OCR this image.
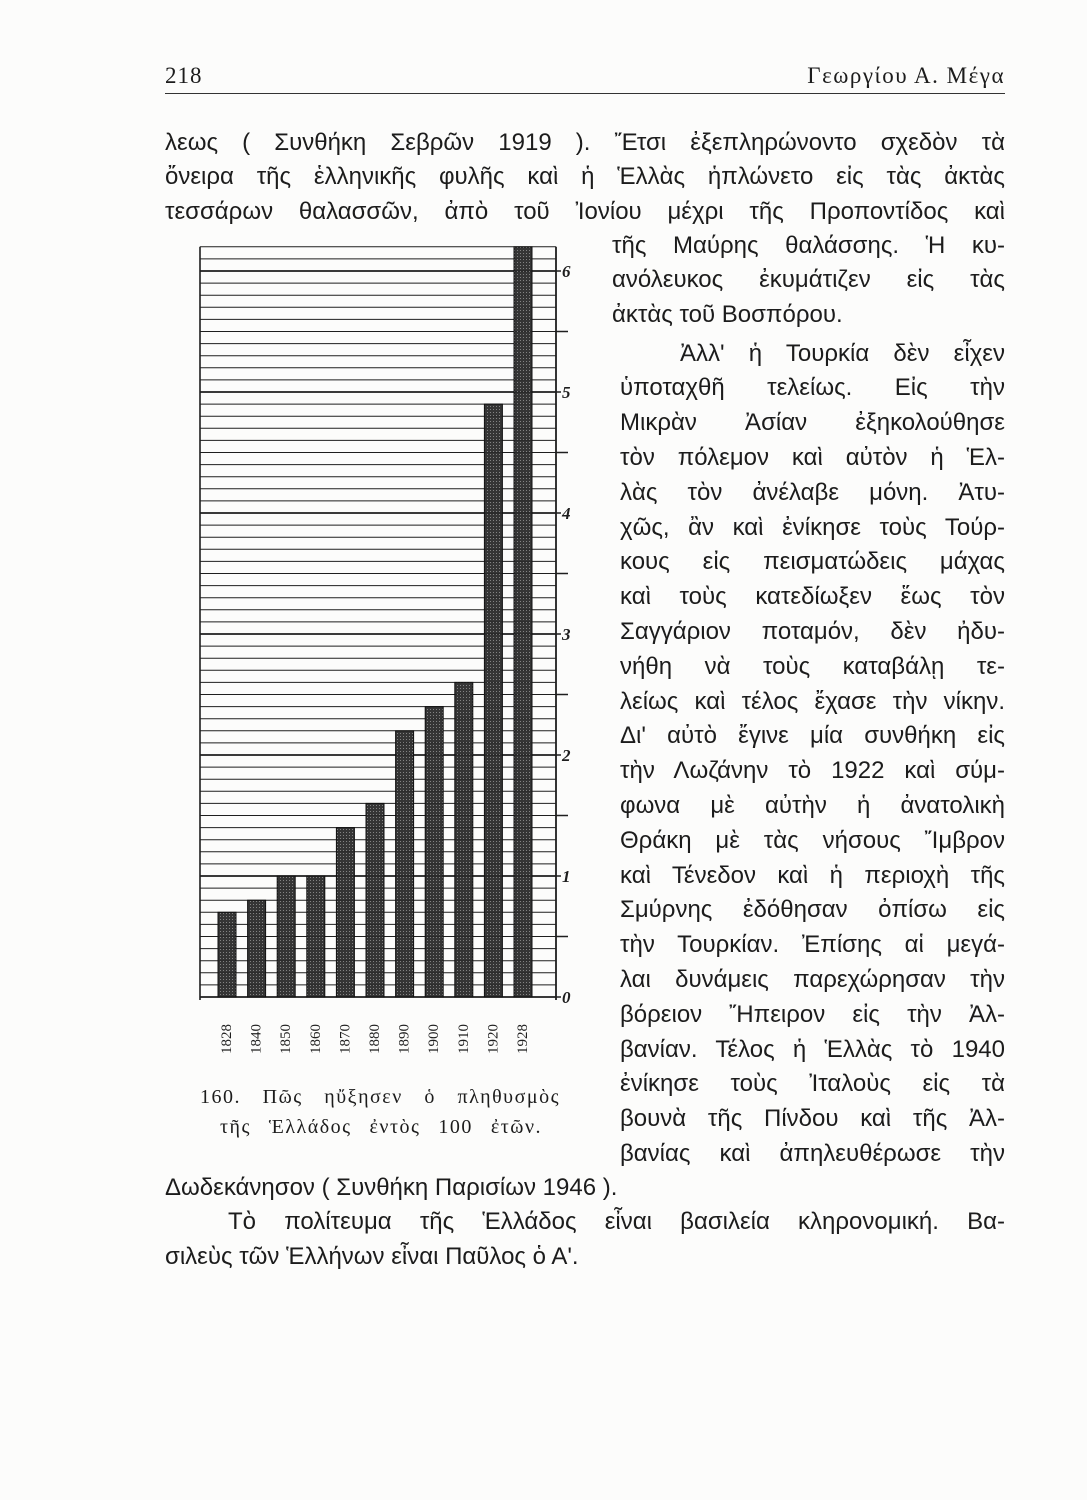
218	Γεωργίου Α. Μέγα
λεως ( Συνθήκη Σεβρῶν 1919 ). Ἔτσι ἐξεπληρώνοντο σχεδὸν τὰ
ὄνειρα τῆς ἑλληνικῆς φυλῆς καὶ ἡ Ἑλλὰς ἡπλώνετο εἰς τὰς ἀκτὰς
τεσσάρων θαλασσῶν, ἀπὸ τοῦ Ἰονίου μέχρι τῆς Προποντίδος καὶ
τῆς Μαύρης θαλάσσης. Ἡ κυ-
ανόλευκος ἐκυμάτιζεν εἰς τὰς
ἀκτὰς τοῦ Βοσπόρου.
Ἀλλ' ἡ Τουρκία δὲν εἶχεν
ὑποταχθῆ τελείως. Εἰς τὴν
Μικρὰν Ἀσίαν ἐξηκολούθησε
τὸν πόλεμον καὶ αὐτὸν ἡ Ἑλ-
λὰς τὸν ἀνέλαβε μόνη. Ἀτυ-
χῶς, ἂν καὶ ἐνίκησε τοὺς Τούρ-
κους εἰς πεισματώδεις μάχας
καὶ τοὺς κατεδίωξεν ἕως τὸν
Σαγγάριον ποταμόν, δὲν ἠδυ-
νήθη νὰ τοὺς καταβάλῃ τε-
λείως καὶ τέλος ἔχασε τὴν νίκην.
Δι' αὐτὸ ἔγινε μία συνθήκη εἰς
τὴν Λωζάνην τὸ 1922 καὶ σύμ-
φωνα μὲ αὐτὴν ἡ ἀνατολικὴ
Θράκη μὲ τὰς νήσους Ἴμβρον
καὶ Τένεδον καὶ ἡ περιοχὴ τῆς
Σμύρνης ἐδόθησαν ὀπίσω εἰς
τὴν Τουρκίαν. Ἐπίσης αἱ μεγά-
λαι δυνάμεις παρεχώρησαν τὴν
βόρειον Ἤπειρον εἰς τὴν Ἀλ-
βανίαν. Τέλος ἡ Ἑλλὰς τὸ 1940
ἐνίκησε τοὺς Ἰταλοὺς εἰς τὰ
βουνὰ τῆς Πίνδου καὶ τῆς Ἀλ-
βανίας καὶ ἀπηλευθέρωσε τὴν
Δωδεκάνησον ( Συνθήκη Παρισίων 1946 ).
Τὸ πολίτευμα τῆς Ἑλλάδος εἶναι βασιλεία κληρονομική. Βα-
σιλεὺς τῶν Ἑλλήνων εἶναι Παῦλος ὁ Α'.
0
1
2
3
4
5
6
1828 1840 1850 1860 1870 1880 1890 1900 1910 1920 1928
160. Πῶς ηὔξησεν ὁ πληθυσμὸς
τῆς Ἑλλάδος ἐντὸς 100 ἐτῶν.
